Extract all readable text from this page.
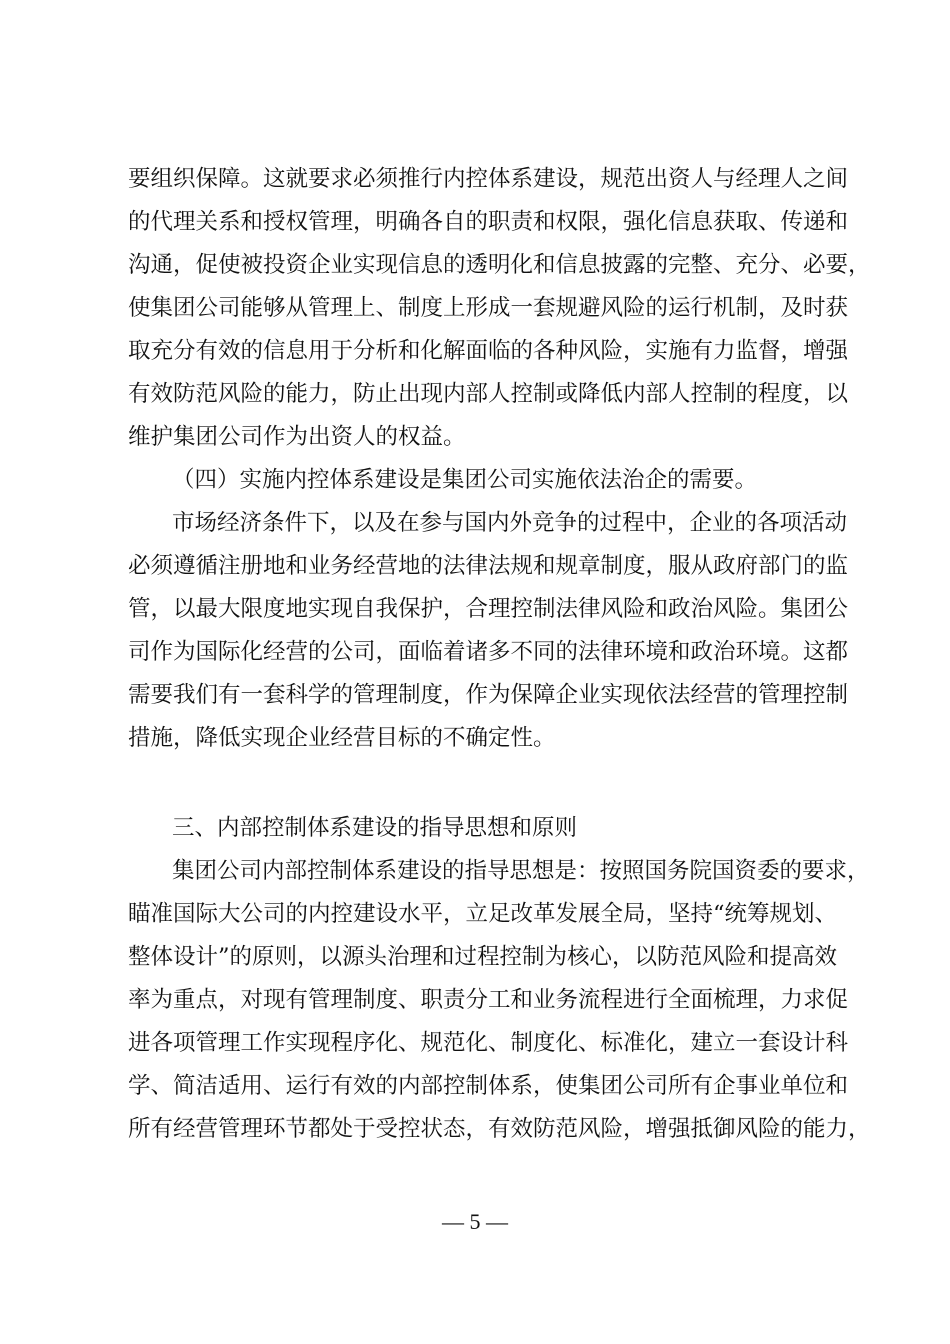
要组织保障。这就要求必须推行内控体系建设，规范出资人与经理人之间
的代理关系和授权管理，明确各自的职责和权限，强化信息获取、传递和
沟通，促使被投资企业实现信息的透明化和信息披露的完整、充分、必要，
使集团公司能够从管理上、制度上形成一套规避风险的运行机制，及时获
取充分有效的信息用于分析和化解面临的各种风险，实施有力监督，增强
有效防范风险的能力，防止出现内部人控制或降低内部人控制的程度，以
维护集团公司作为出资人的权益。
（四）实施内控体系建设是集团公司实施依法治企的需要。
市场经济条件下，以及在参与国内外竞争的过程中，企业的各项活动
必须遵循注册地和业务经营地的法律法规和规章制度，服从政府部门的监
管，以最大限度地实现自我保护，合理控制法律风险和政治风险。集团公
司作为国际化经营的公司，面临着诸多不同的法律环境和政治环境。这都
需要我们有一套科学的管理制度，作为保障企业实现依法经营的管理控制
措施，降低实现企业经营目标的不确定性。
三、内部控制体系建设的指导思想和原则
集团公司内部控制体系建设的指导思想是：按照国务院国资委的要求，
瞄准国际大公司的内控建设水平，立足改革发展全局，坚持“统筹规划、
整体设计”的原则，以源头治理和过程控制为核心，以防范风险和提高效
率为重点，对现有管理制度、职责分工和业务流程进行全面梳理，力求促
进各项管理工作实现程序化、规范化、制度化、标准化，建立一套设计科
学、简洁适用、运行有效的内部控制体系，使集团公司所有企事业单位和
所有经营管理环节都处于受控状态，有效防范风险，增强抵御风险的能力，
— 5 —
